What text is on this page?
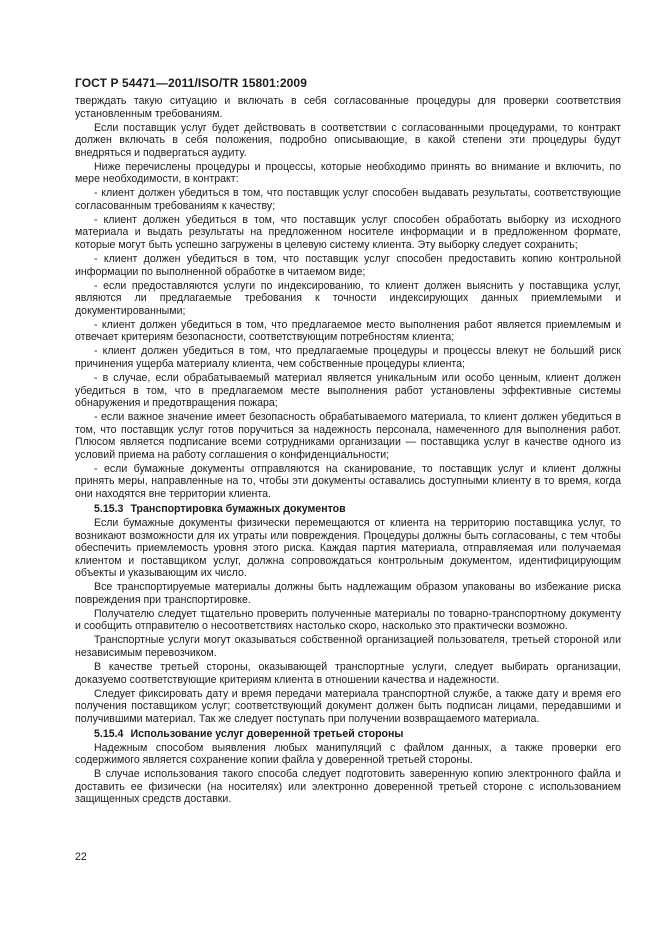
ГОСТ Р 54471—2011/ISO/TR 15801:2009

тверждать такую ситуацию и включать в себя согласованные процедуры для проверки соответствия установленным требованиям.

Если поставщик услуг будет действовать в соответствии с согласованными процедурами, то контракт должен включать в себя положения, подробно описывающие, в какой степени эти процедуры будут внедряться и подвергаться аудиту.

Ниже перечислены процедуры и процессы, которые необходимо принять во внимание и включить, по мере необходимости, в контракт:

- клиент должен убедиться в том, что поставщик услуг способен выдавать результаты, соответствующие согласованным требованиям к качеству;

- клиент должен убедиться в том, что поставщик услуг способен обработать выборку из исходного материала и выдать результаты на предложенном носителе информации и в предложенном формате, которые могут быть успешно загружены в целевую систему клиента. Эту выборку следует сохранить;

- клиент должен убедиться в том, что поставщик услуг способен предоставить копию контрольной информации по выполненной обработке в читаемом виде;

- если предоставляются услуги по индексированию, то клиент должен выяснить у поставщика услуг, являются ли предлагаемые требования к точности индексирующих данных приемлемыми и документированными;

- клиент должен убедиться в том, что предлагаемое место выполнения работ является приемлемым и отвечает критериям безопасности, соответствующим потребностям клиента;

- клиент должен убедиться в том, что предлагаемые процедуры и процессы влекут не больший риск причинения ущерба материалу клиента, чем собственные процедуры клиента;

- в случае, если обрабатываемый материал является уникальным или особо ценным, клиент должен убедиться в том, что в предлагаемом месте выполнения работ установлены эффективные системы обнаружения и предотвращения пожара;

- если важное значение имеет безопасность обрабатываемого материала, то клиент должен убедиться в том, что поставщик услуг готов поручиться за надежность персонала, намеченного для выполнения работ. Плюсом является подписание всеми сотрудниками организации — поставщика услуг в качестве одного из условий приема на работу соглашения о конфиденциальности;

- если бумажные документы отправляются на сканирование, то поставщик услуг и клиент должны принять меры, направленные на то, чтобы эти документы оставались доступными клиенту в то время, когда они находятся вне территории клиента.

5.15.3 Транспортировка бумажных документов

Если бумажные документы физически перемещаются от клиента на территорию поставщика услуг, то возникают возможности для их утраты или повреждения. Процедуры должны быть согласованы, с тем чтобы обеспечить приемлемость уровня этого риска. Каждая партия материала, отправляемая или получаемая клиентом и поставщиком услуг, должна сопровождаться контрольным документом, идентифицирующим объекты и указывающим их число.

Все транспортируемые материалы должны быть надлежащим образом упакованы во избежание риска повреждения при транспортировке.

Получателю следует тщательно проверить полученные материалы по товарно-транспортному документу и сообщить отправителю о несоответствиях настолько скоро, насколько это практически возможно.

Транспортные услуги могут оказываться собственной организацией пользователя, третьей стороной или независимым перевозчиком.

В качестве третьей стороны, оказывающей транспортные услуги, следует выбирать организации, доказуемо соответствующие критериям клиента в отношении качества и надежности.

Следует фиксировать дату и время передачи материала транспортной службе, а также дату и время его получения поставщиком услуг; соответствующий документ должен быть подписан лицами, передавшими и получившими материал. Так же следует поступать при получении возвращаемого материала.

5.15.4 Использование услуг доверенной третьей стороны

Надежным способом выявления любых манипуляций с файлом данных, а также проверки его содержимого является сохранение копии файла у доверенной третьей стороны.

В случае использования такого способа следует подготовить заверенную копию электронного файла и доставить ее физически (на носителях) или электронно доверенной третьей стороне с использованием защищенных средств доставки.

22
